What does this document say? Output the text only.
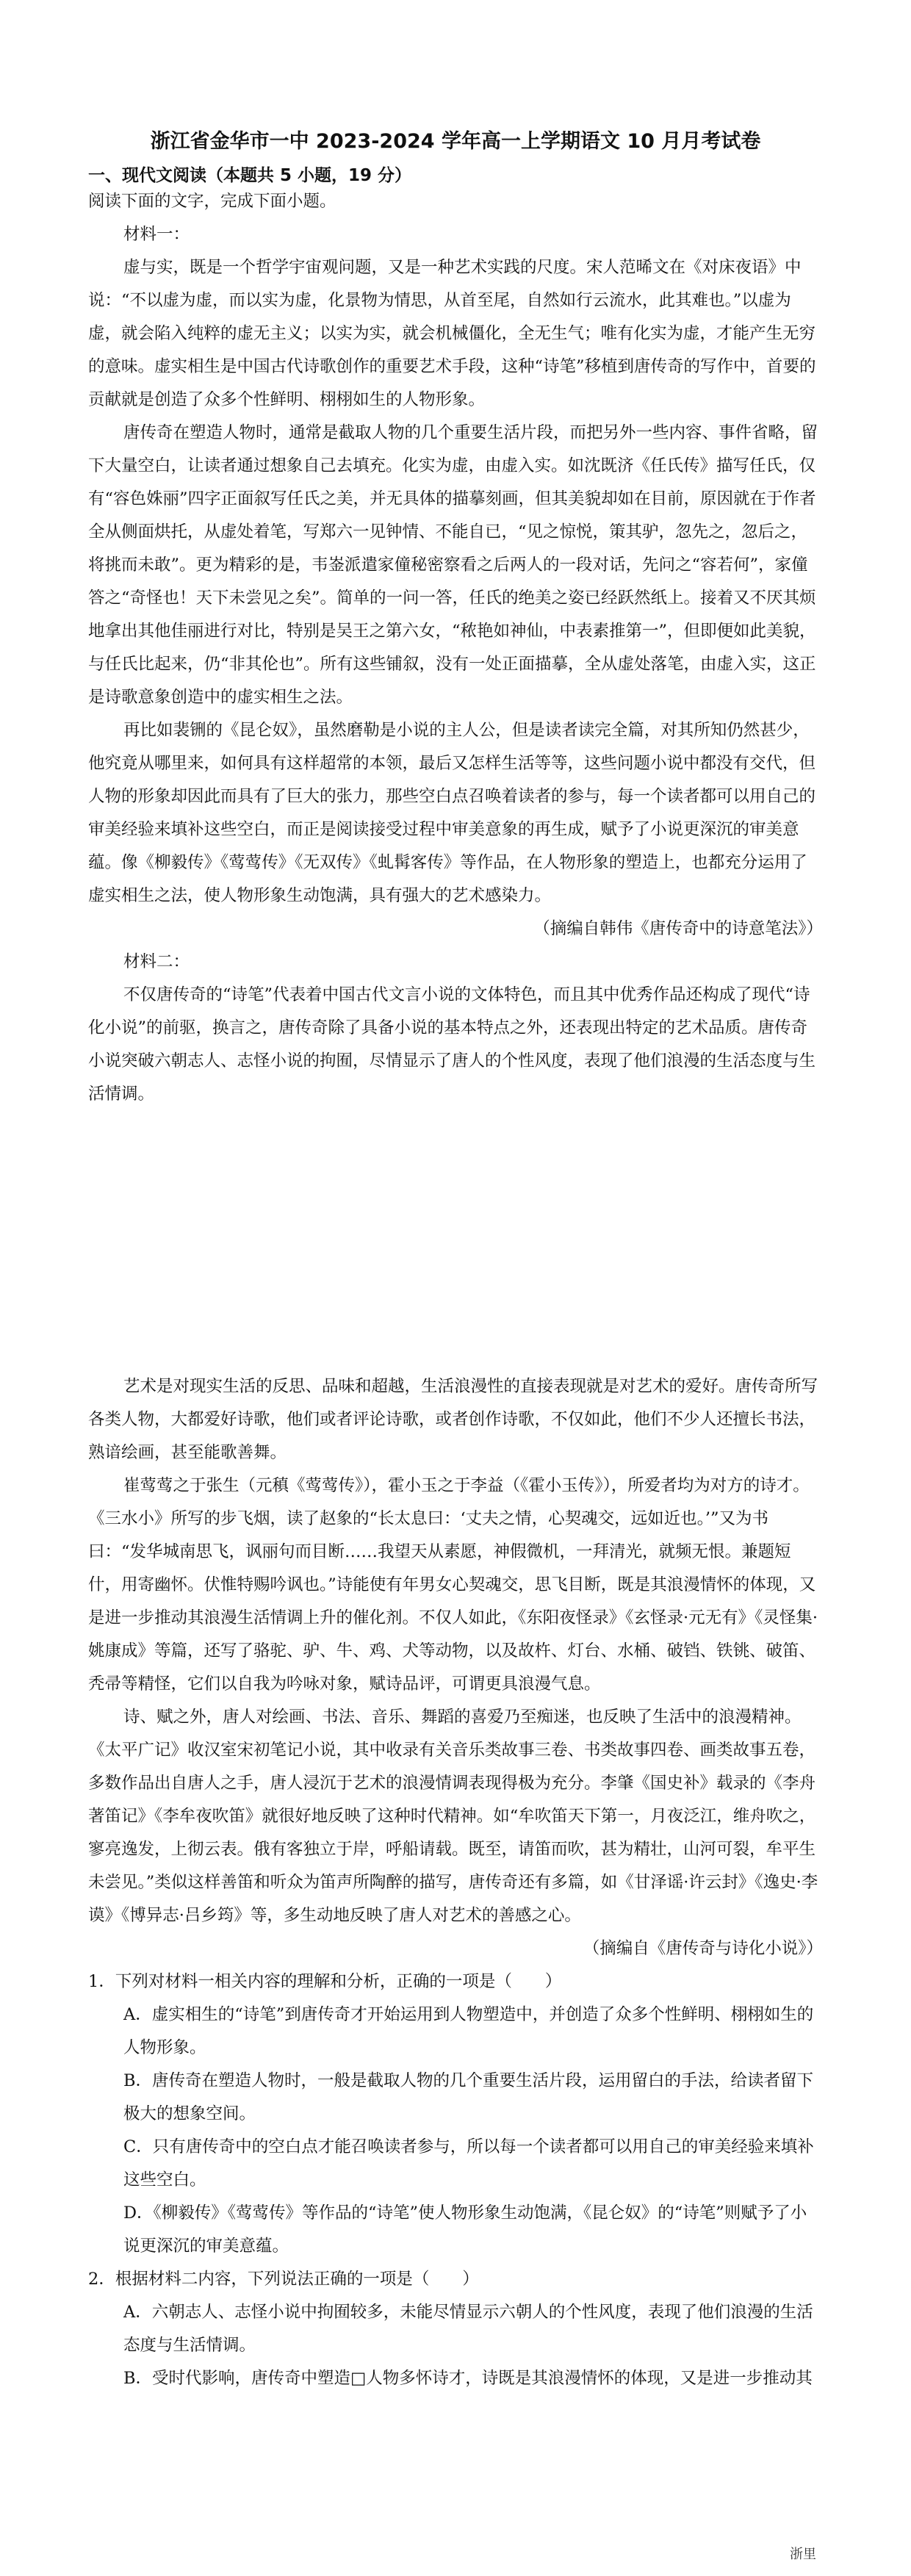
浙江省金华市一中 2023-2024 学年高一上学期语文 10 月月考试卷
一、现代文阅读（本题共 5 小题，19 分）

阅读下面的文字，完成下面小题。

材料一：

虚与实，既是一个哲学宇宙观问题，又是一种艺术实践的尺度。宋人范晞文在《对床夜语》中说：“不以虚为虚，而以实为虚，化景物为情思，从首至尾，自然如行云流水，此其难也。”以虚为虚，就会陷入纯粹的虚无主义；以实为实，就会机械僵化，全无生气；唯有化实为虚，才能产生无穷的意味。虚实相生是中国古代诗歌创作的重要艺术手段，这种“诗笔”移植到唐传奇的写作中，首要的贡献就是创造了众多个性鲜明、栩栩如生的人物形象。

唐传奇在塑造人物时，通常是截取人物的几个重要生活片段，而把另外一些内容、事件省略，留下大量空白，让读者通过想象自己去填充。化实为虚，由虚入实。如沈既济《任氏传》描写任氏，仅有“容色姝丽”四字正面叙写任氏之美，并无具体的描摹刻画，但其美貌却如在目前，原因就在于作者全从侧面烘托，从虚处着笔，写郑六一见钟情、不能自已，“见之惊悦，策其驴，忽先之，忽后之，将挑而未敢”。更为精彩的是，韦崟派遣家僮秘密察看之后两人的一段对话，先问之“容若何”，家僮答之“奇怪也！天下未尝见之矣”。简单的一问一答，任氏的绝美之姿已经跃然纸上。接着又不厌其烦地拿出其他佳丽进行对比，特别是吴王之第六女，“秾艳如神仙，中表素推第一”，但即便如此美貌，与任氏比起来，仍“非其伦也”。所有这些铺叙，没有一处正面描摹，全从虚处落笔，由虚入实，这正是诗歌意象创造中的虚实相生之法。

再比如裴铏的《昆仑奴》，虽然磨勒是小说的主人公，但是读者读完全篇，对其所知仍然甚少，他究竟从哪里来，如何具有这样超常的本领，最后又怎样生活等等，这些问题小说中都没有交代，但人物的形象却因此而具有了巨大的张力，那些空白点召唤着读者的参与，每一个读者都可以用自己的审美经验来填补这些空白，而正是阅读接受过程中审美意象的再生成，赋予了小说更深沉的审美意蕴。像《柳毅传》《莺莺传》《无双传》《虬髯客传》等作品，在人物形象的塑造上，也都充分运用了虚实相生之法，使人物形象生动饱满，具有强大的艺术感染力。

（摘编自韩伟《唐传奇中的诗意笔法》）

材料二：

不仅唐传奇的“诗笔”代表着中国古代文言小说的文体特色，而且其中优秀作品还构成了现代“诗化小说”的前驱，换言之，唐传奇除了具备小说的基本特点之外，还表现出特定的艺术品质。唐传奇小说突破六朝志人、志怪小说的拘囿，尽情显示了唐人的个性风度，表现了他们浪漫的生活态度与生活情调。

艺术是对现实生活的反思、品味和超越，生活浪漫性的直接表现就是对艺术的爱好。唐传奇所写各类人物，大都爱好诗歌，他们或者评论诗歌，或者创作诗歌，不仅如此，他们不少人还擅长书法，熟谙绘画，甚至能歌善舞。

崔莺莺之于张生（元稹《莺莺传》），霍小玉之于李益（《霍小玉传》），所爱者均为对方的诗才。《三水小》所写的步飞烟，读了赵象的“长太息曰：‘丈夫之情，心契魂交，远如近也。’”又为书曰：“发华城南思飞，讽丽句而目断……我望天从素愿，神假微机，一拜清光，就频无恨。兼题短什，用寄幽怀。伏惟特赐吟讽也。”诗能使有年男女心契魂交，思飞目断，既是其浪漫情怀的体现，又是进一步推动其浪漫生活情调上升的催化剂。不仅人如此，《东阳夜怪录》《玄怪录·元无有》《灵怪集·姚康成》等篇，还写了骆驼、驴、牛、鸡、犬等动物，以及故杵、灯台、水桶、破铛、铁铫、破笛、秃帚等精怪，它们以自我为吟咏对象，赋诗品评，可谓更具浪漫气息。

诗、赋之外，唐人对绘画、书法、音乐、舞蹈的喜爱乃至痴迷，也反映了生活中的浪漫精神。《太平广记》收汉室宋初笔记小说，其中收录有关音乐类故事三卷、书类故事四卷、画类故事五卷，多数作品出自唐人之手，唐人浸沉于艺术的浪漫情调表现得极为充分。李肇《国史补》载录的《李舟著笛记》《李牟夜吹笛》就很好地反映了这种时代精神。如“牟吹笛天下第一，月夜泛江，维舟吹之，寥亮逸发，上彻云表。俄有客独立于岸，呼船请载。既至，请笛而吹，甚为精壮，山河可裂，牟平生未尝见。”类似这样善笛和听众为笛声所陶醉的描写，唐传奇还有多篇，如《甘泽谣·许云封》《逸史·李谟》《博异志·吕乡筠》等，多生动地反映了唐人对艺术的善感之心。

（摘编自《唐传奇与诗化小说》）

1．下列对材料一相关内容的理解和分析，正确的一项是（　　）

A．虚实相生的“诗笔”到唐传奇才开始运用到人物塑造中，并创造了众多个性鲜明、栩栩如生的人物形象。

B．唐传奇在塑造人物时，一般是截取人物的几个重要生活片段，运用留白的手法，给读者留下极大的想象空间。

C．只有唐传奇中的空白点才能召唤读者参与，所以每一个读者都可以用自己的审美经验来填补这些空白。

D．《柳毅传》《莺莺传》等作品的“诗笔”使人物形象生动饱满，《昆仑奴》的“诗笔”则赋予了小说更深沉的审美意蕴。

2．根据材料二内容，下列说法正确的一项是（　　）

A．六朝志人、志怪小说中拘囿较多，未能尽情显示六朝人的个性风度，表现了他们浪漫的生活态度与生活情调。

B．受时代影响，唐传奇中塑造□人物多怀诗才，诗既是其浪漫情怀的体现，又是进一步推动其

浙里
